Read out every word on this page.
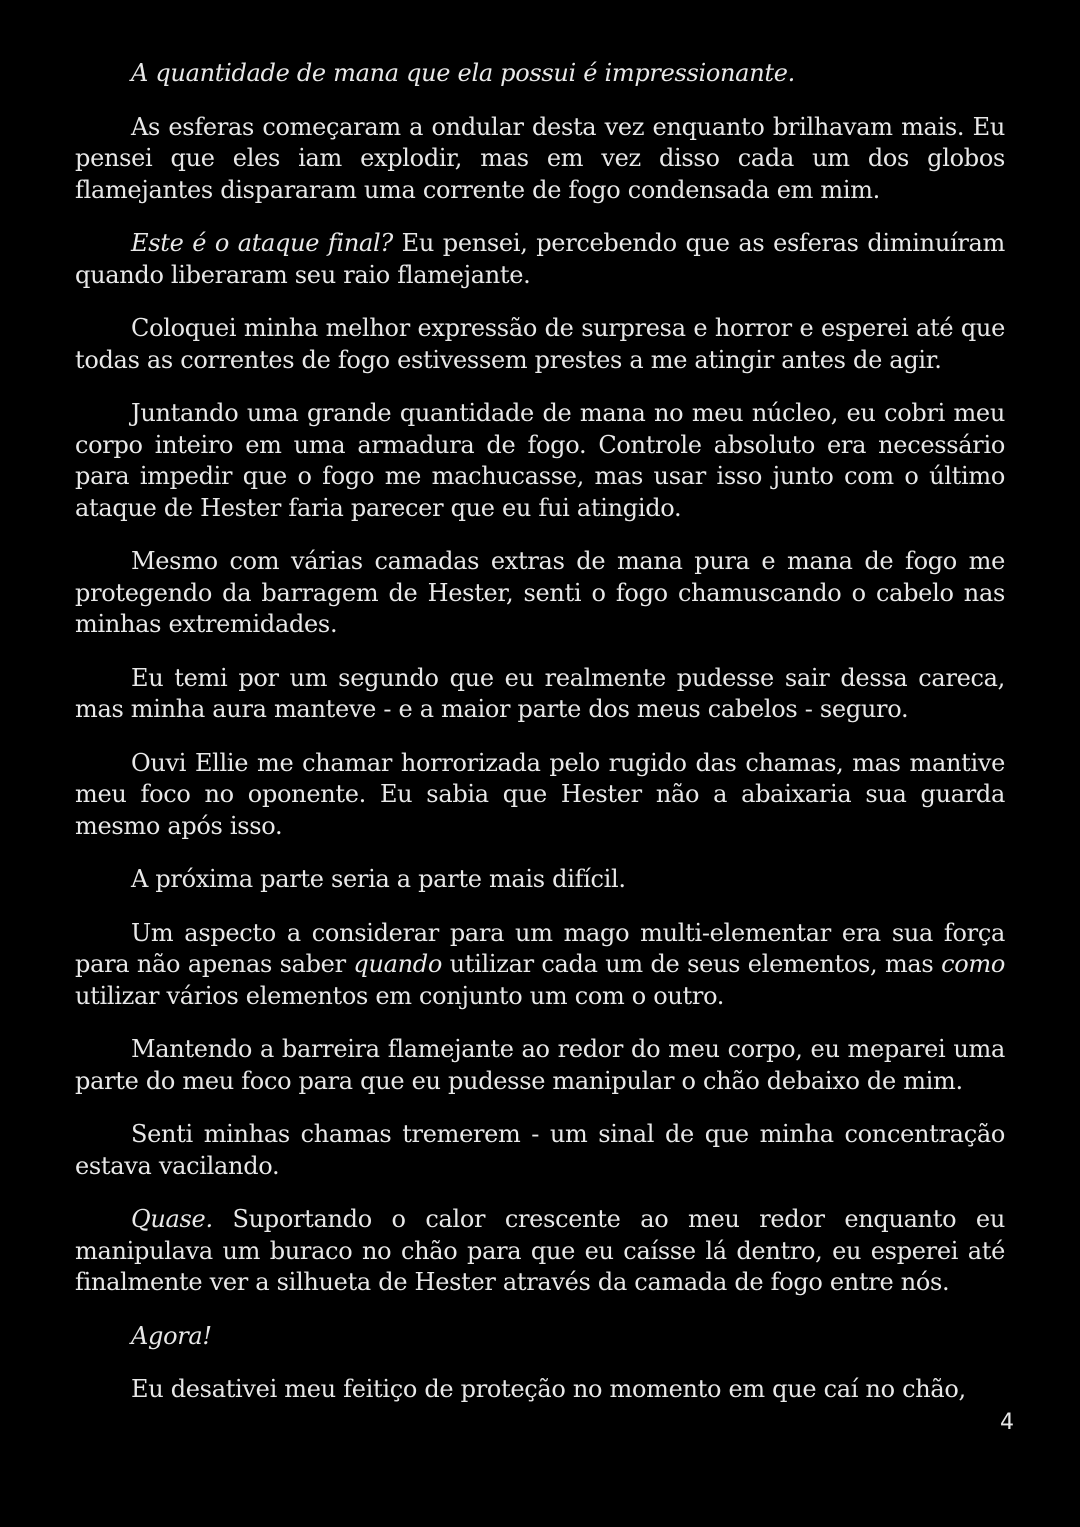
A quantidade de mana que ela possui é impressionante.

As esferas começaram a ondular desta vez enquanto brilhavam mais. Eu pensei que eles iam explodir, mas em vez disso cada um dos globos flamejantes dispararam uma corrente de fogo condensada em mim.

Este é o ataque final? Eu pensei, percebendo que as esferas diminuíram quando liberaram seu raio flamejante.

Coloquei minha melhor expressão de surpresa e horror e esperei até que todas as correntes de fogo estivessem prestes a me atingir antes de agir.

Juntando uma grande quantidade de mana no meu núcleo, eu cobri meu corpo inteiro em uma armadura de fogo. Controle absoluto era necessário para impedir que o fogo me machucasse, mas usar isso junto com o último ataque de Hester faria parecer que eu fui atingido.

Mesmo com várias camadas extras de mana pura e mana de fogo me protegendo da barragem de Hester, senti o fogo chamuscando o cabelo nas minhas extremidades.

Eu temi por um segundo que eu realmente pudesse sair dessa careca, mas minha aura manteve - e a maior parte dos meus cabelos - seguro.

Ouvi Ellie me chamar horrorizada pelo rugido das chamas, mas mantive meu foco no oponente. Eu sabia que Hester não a abaixaria sua guarda mesmo após isso.

A próxima parte seria a parte mais difícil.

Um aspecto a considerar para um mago multi-elementar era sua força para não apenas saber quando utilizar cada um de seus elementos, mas como utilizar vários elementos em conjunto um com o outro.

Mantendo a barreira flamejante ao redor do meu corpo, eu meparei uma parte do meu foco para que eu pudesse manipular o chão debaixo de mim.

Senti minhas chamas tremerem - um sinal de que minha concentração estava vacilando.

Quase. Suportando o calor crescente ao meu redor enquanto eu manipulava um buraco no chão para que eu caísse lá dentro, eu esperei até finalmente ver a silhueta de Hester através da camada de fogo entre nós.

Agora!

Eu desativei meu feitiço de proteção no momento em que caí no chão,

4
